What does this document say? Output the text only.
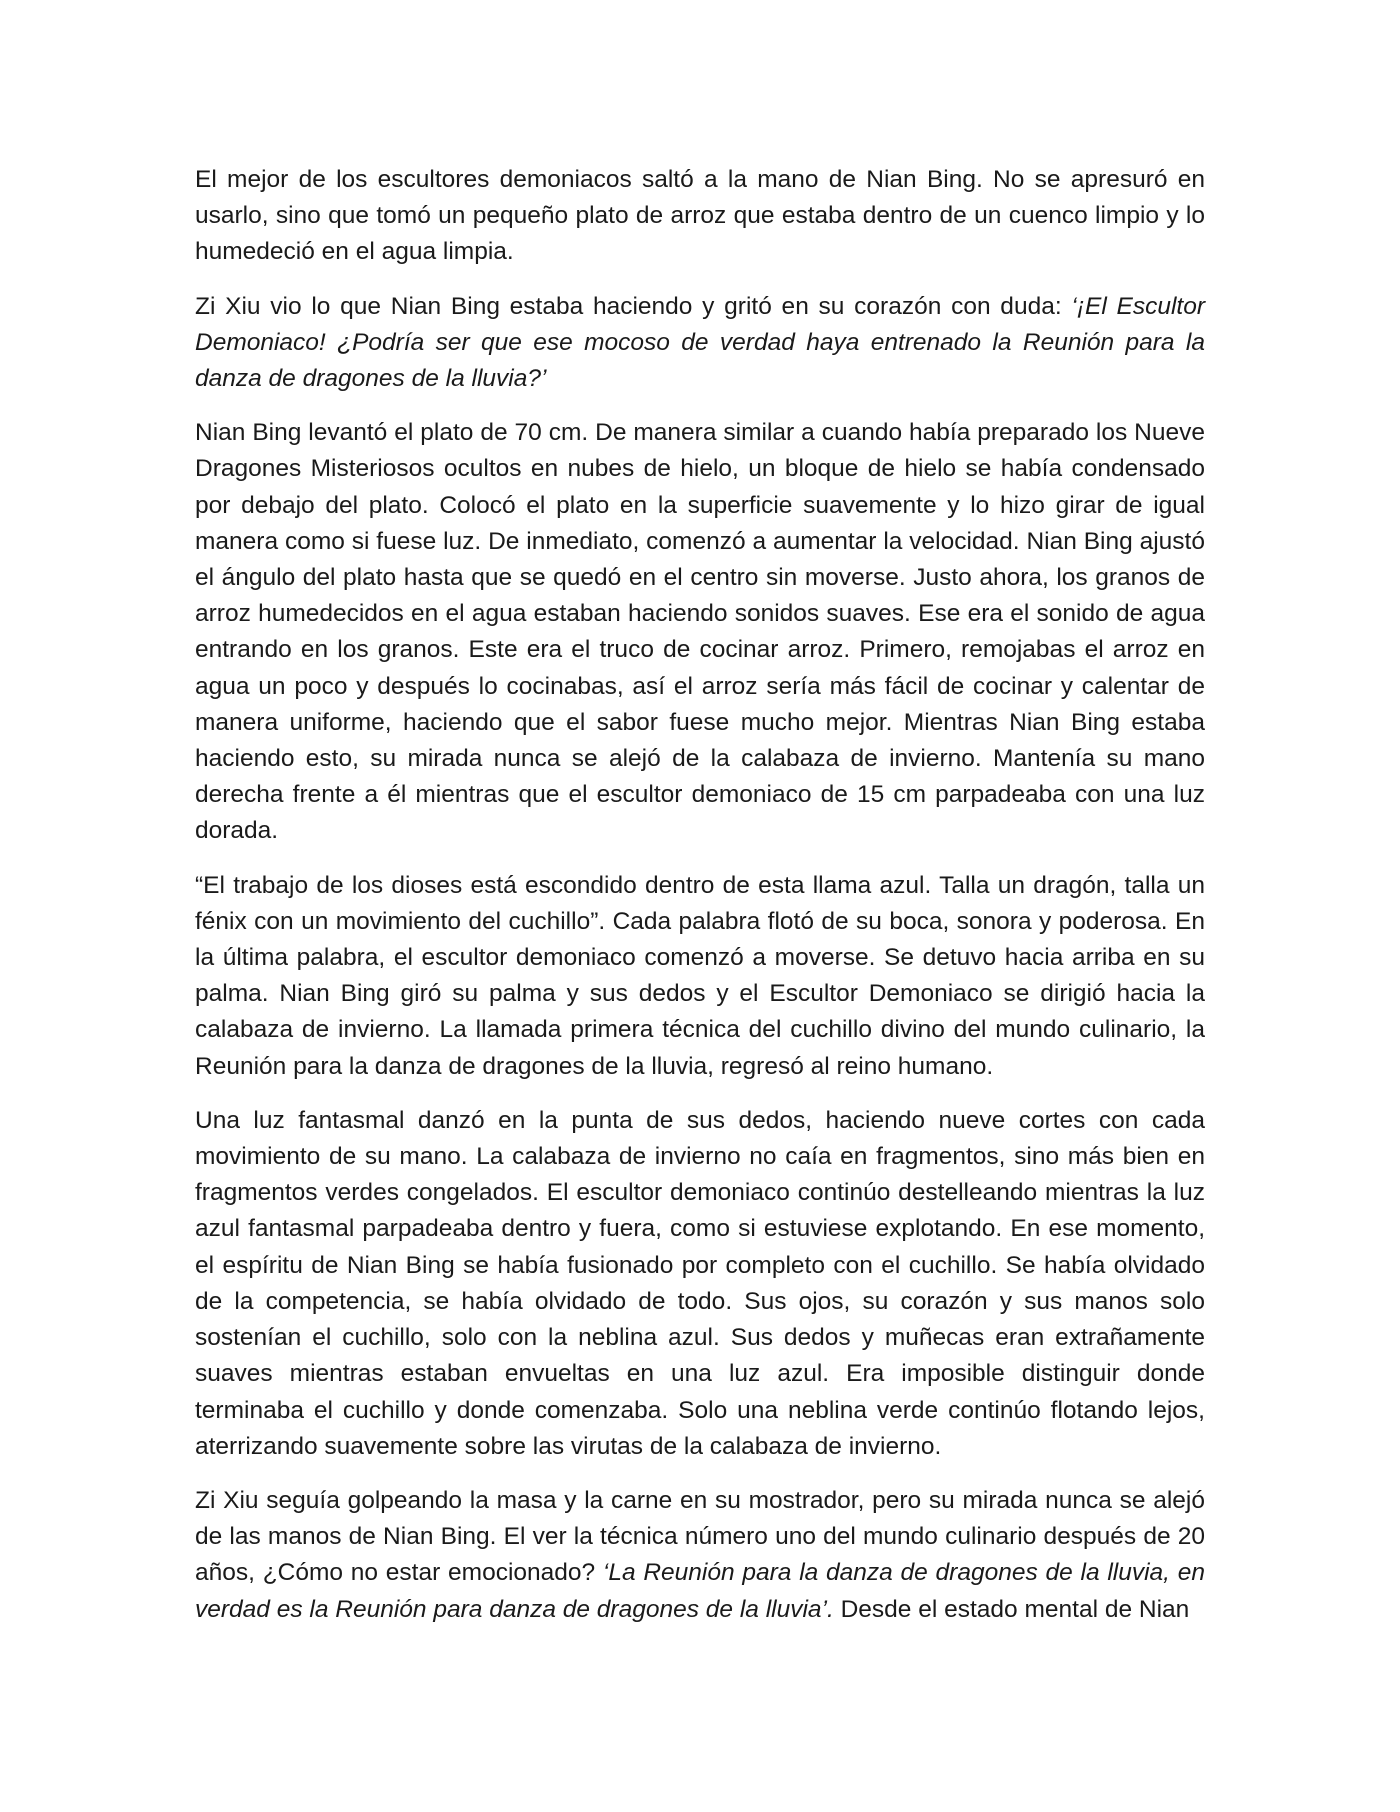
El mejor de los escultores demoniacos saltó a la mano de Nian Bing. No se apresuró en usarlo, sino que tomó un pequeño plato de arroz que estaba dentro de un cuenco limpio y lo humedeció en el agua limpia.

Zi Xiu vio lo que Nian Bing estaba haciendo y gritó en su corazón con duda: ‘¡El Escultor Demoniaco! ¿Podría ser que ese mocoso de verdad haya entrenado la Reunión para la danza de dragones de la lluvia?’

Nian Bing levantó el plato de 70 cm. De manera similar a cuando había preparado los Nueve Dragones Misteriosos ocultos en nubes de hielo, un bloque de hielo se había condensado por debajo del plato. Colocó el plato en la superficie suavemente y lo hizo girar de igual manera como si fuese luz. De inmediato, comenzó a aumentar la velocidad. Nian Bing ajustó el ángulo del plato hasta que se quedó en el centro sin moverse. Justo ahora, los granos de arroz humedecidos en el agua estaban haciendo sonidos suaves. Ese era el sonido de agua entrando en los granos. Este era el truco de cocinar arroz. Primero, remojabas el arroz en agua un poco y después lo cocinabas, así el arroz sería más fácil de cocinar y calentar de manera uniforme, haciendo que el sabor fuese mucho mejor. Mientras Nian Bing estaba haciendo esto, su mirada nunca se alejó de la calabaza de invierno. Mantenía su mano derecha frente a él mientras que el escultor demoniaco de 15 cm parpadeaba con una luz dorada.

“El trabajo de los dioses está escondido dentro de esta llama azul. Talla un dragón, talla un fénix con un movimiento del cuchillo”. Cada palabra flotó de su boca, sonora y poderosa. En la última palabra, el escultor demoniaco comenzó a moverse. Se detuvo hacia arriba en su palma. Nian Bing giró su palma y sus dedos y el Escultor Demoniaco se dirigió hacia la calabaza de invierno. La llamada primera técnica del cuchillo divino del mundo culinario, la Reunión para la danza de dragones de la lluvia, regresó al reino humano.

Una luz fantasmal danzó en la punta de sus dedos, haciendo nueve cortes con cada movimiento de su mano. La calabaza de invierno no caía en fragmentos, sino más bien en fragmentos verdes congelados. El escultor demoniaco continúo destelleando mientras la luz azul fantasmal parpadeaba dentro y fuera, como si estuviese explotando. En ese momento, el espíritu de Nian Bing se había fusionado por completo con el cuchillo. Se había olvidado de la competencia, se había olvidado de todo. Sus ojos, su corazón y sus manos solo sostenían el cuchillo, solo con la neblina azul. Sus dedos y muñecas eran extrañamente suaves mientras estaban envueltas en una luz azul. Era imposible distinguir donde terminaba el cuchillo y donde comenzaba. Solo una neblina verde continúo flotando lejos, aterrizando suavemente sobre las virutas de la calabaza de invierno.

Zi Xiu seguía golpeando la masa y la carne en su mostrador, pero su mirada nunca se alejó de las manos de Nian Bing. El ver la técnica número uno del mundo culinario después de 20 años, ¿Cómo no estar emocionado? ‘La Reunión para la danza de dragones de la lluvia, en verdad es la Reunión para danza de dragones de la lluvia’. Desde el estado mental de Nian
